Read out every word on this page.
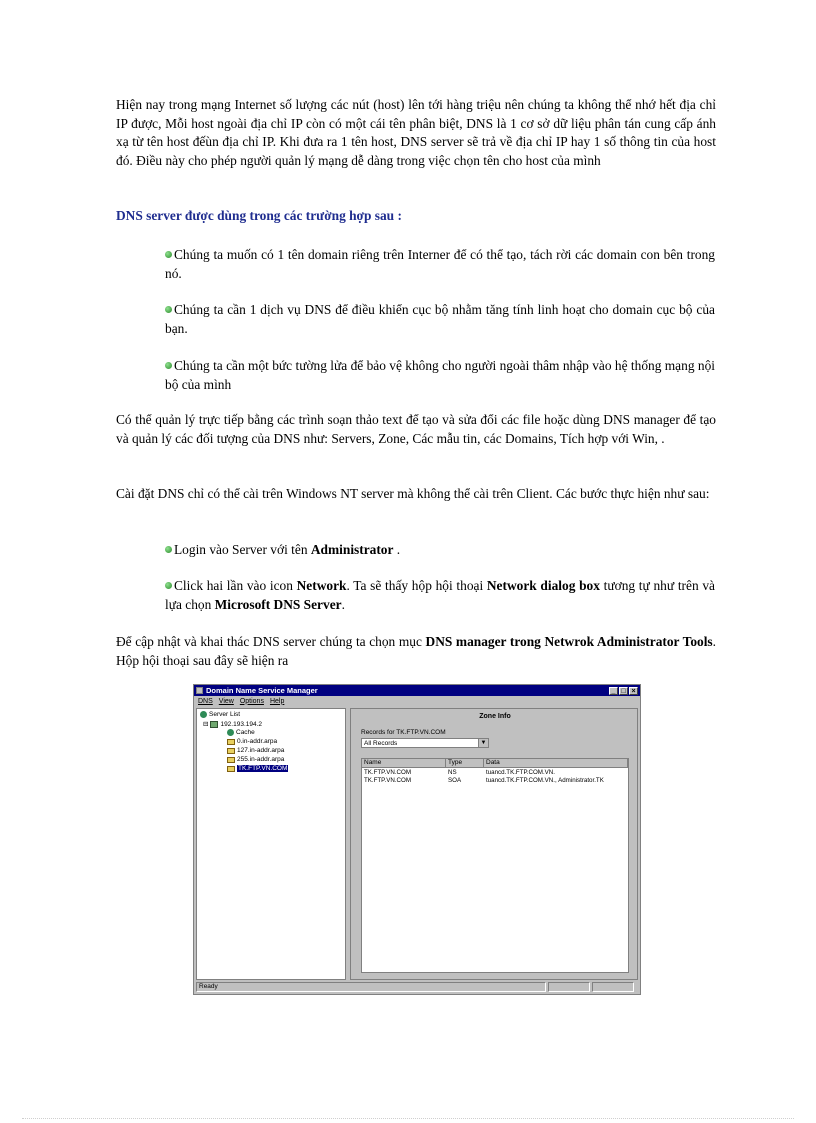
Hiện nay trong mạng Internet số lượng các nút (host) lên tới hàng triệu nên chúng ta không thể nhớ hết địa chỉ IP được, Mỗi host ngoài địa chỉ IP còn có một cái tên phân biệt, DNS là 1 cơ sở dữ liệu phân tán cung cấp ánh xạ từ tên host đếùn địa chỉ IP. Khi đưa ra 1 tên host, DNS server sẽ trả về địa chỉ IP hay 1 số thông tin của host đó. Điều này cho phép người quản lý mạng dễ dàng trong việc chọn tên cho host của mình

DNS server được dùng trong các trường hợp sau :

Chúng ta muốn có 1 tên domain riêng trên Interner để có thể tạo, tách rời các domain con bên trong nó.

Chúng ta cần 1 dịch vụ DNS để điều khiển cục bộ nhằm tăng tính linh hoạt cho domain cục bộ của bạn.

Chúng ta cần một bức tường lửa để bảo vệ không cho người ngoài thâm nhập vào hệ thống mạng nội bộ của mình

Có thể quản lý trực tiếp bằng các trình soạn thảo text để tạo và sửa đổi các file hoặc dùng DNS manager để tạo và quản lý các đối tượng của DNS như: Servers, Zone, Các mẫu tin, các Domains, Tích hợp với Win, .

Cài đặt DNS chỉ có thể cài trên Windows NT server mà không thể cài trên Client. Các bước thực hiện như sau:

Login vào Server với tên Administrator .

Click hai lần vào icon Network. Ta sẽ thấy hộp hội thoại Network dialog box tương tự như trên và lựa chọn Microsoft DNS Server.

Để cập nhật và khai thác DNS server chúng ta chọn mục DNS manager trong Netwrok Administrator Tools. Hộp hội thoại sau đây sẽ hiện ra

Domain Name Service Manager	_ □ ×
DNS View Options Help
Server List
⊟ 192.193.194.2
Cache
0.in-addr.arpa
127.in-addr.arpa
255.in-addr.arpa
TK.FTP.VN.COM
Zone Info
Records for TK.FTP.VN.COM
All Records	▼
Name	Type	Data
TK.FTP.VN.COM	NS	tuancd.TK.FTP.COM.VN.
TK.FTP.VN.COM	SOA	tuancd.TK.FTP.COM.VN., Administrator.TK
Ready
